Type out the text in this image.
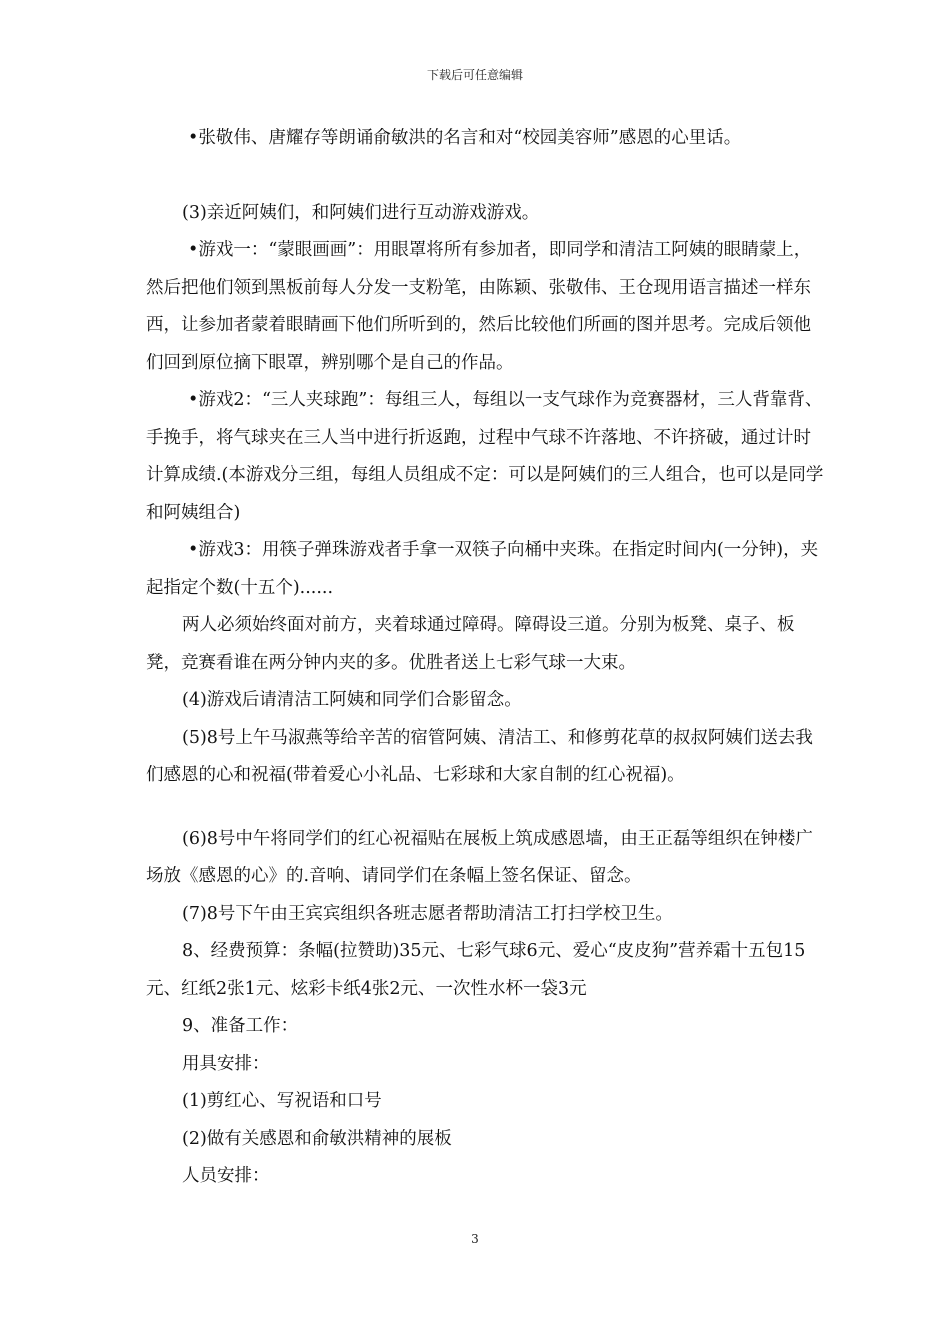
下载后可任意编辑

•张敬伟、唐耀存等朗诵俞敏洪的名言和对“校园美容师”感恩的心里话。

(3)亲近阿姨们，和阿姨们进行互动游戏游戏。

•游戏一：“蒙眼画画”：用眼罩将所有参加者，即同学和清洁工阿姨的眼睛蒙上，然后把他们领到黑板前每人分发一支粉笔，由陈颖、张敬伟、王仓现用语言描述一样东西，让参加者蒙着眼睛画下他们所听到的，然后比较他们所画的图并思考。完成后领他们回到原位摘下眼罩，辨别哪个是自己的作品。

•游戏2：“三人夹球跑”：每组三人，每组以一支气球作为竞赛器材，三人背靠背、手挽手，将气球夹在三人当中进行折返跑，过程中气球不许落地、不许挤破，通过计时计算成绩.(本游戏分三组，每组人员组成不定：可以是阿姨们的三人组合，也可以是同学和阿姨组合)

•游戏3：用筷子弹珠游戏者手拿一双筷子向桶中夹珠。在指定时间内(一分钟)，夹起指定个数(十五个)......

两人必须始终面对前方，夹着球通过障碍。障碍设三道。分别为板凳、桌子、板凳，竞赛看谁在两分钟内夹的多。优胜者送上七彩气球一大束。

(4)游戏后请清洁工阿姨和同学们合影留念。

(5)8号上午马淑燕等给辛苦的宿管阿姨、清洁工、和修剪花草的叔叔阿姨们送去我们感恩的心和祝福(带着爱心小礼品、七彩球和大家自制的红心祝福)。

(6)8号中午将同学们的红心祝福贴在展板上筑成感恩墙，由王正磊等组织在钟楼广场放《感恩的心》的.音响、请同学们在条幅上签名保证、留念。

(7)8号下午由王宾宾组织各班志愿者帮助清洁工打扫学校卫生。

8、经费预算：条幅(拉赞助)35元、七彩气球6元、爱心“皮皮狗”营养霜十五包15元、红纸2张1元、炫彩卡纸4张2元、一次性水杯一袋3元

9、准备工作：

用具安排：

(1)剪红心、写祝语和口号

(2)做有关感恩和俞敏洪精神的展板

人员安排：

3
